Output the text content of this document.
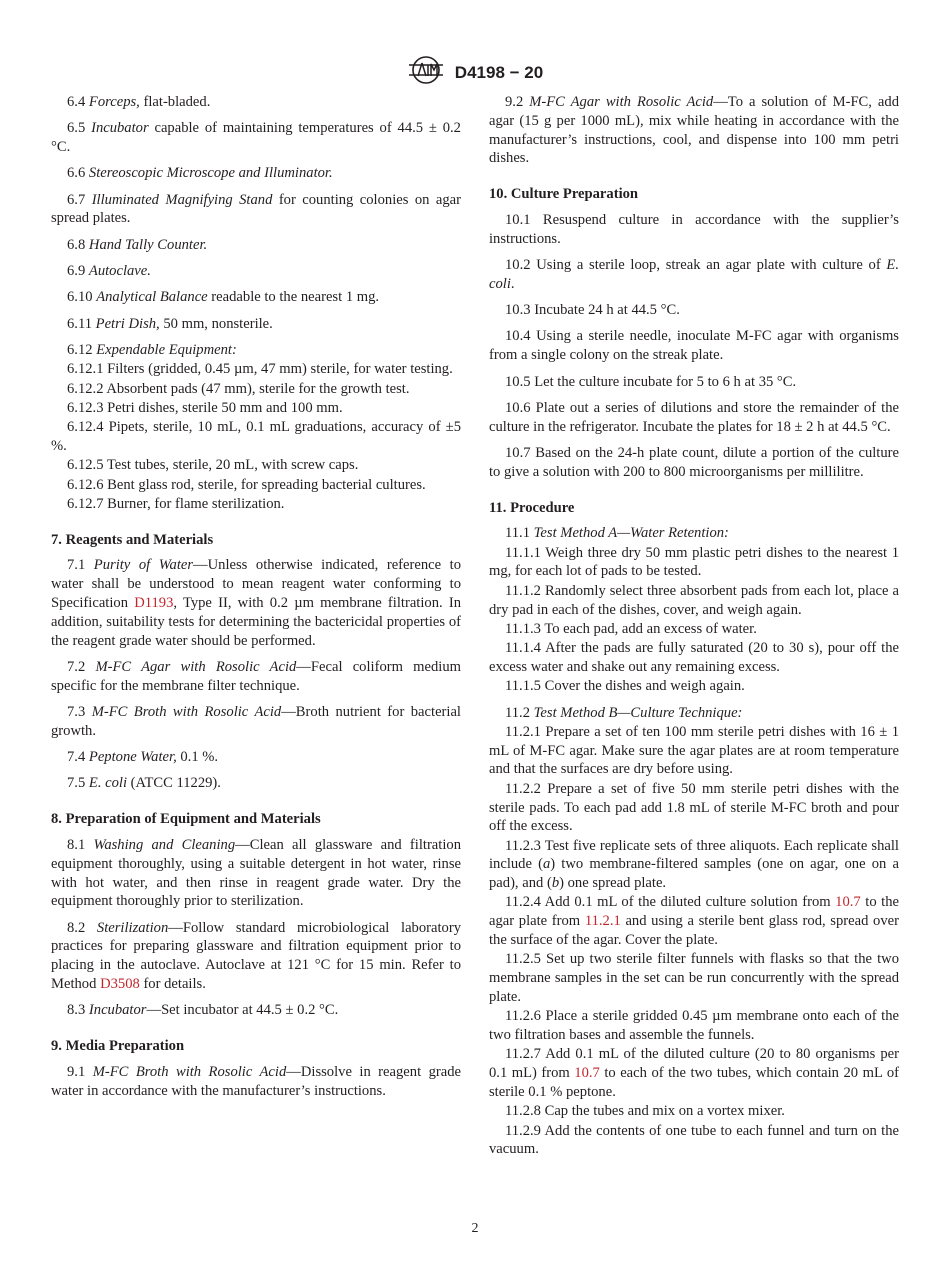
D4198 − 20

6.4 Forceps, flat-bladed.

6.5 Incubator capable of maintaining temperatures of 44.5 ± 0.2 °C.

6.6 Stereoscopic Microscope and Illuminator.

6.7 Illuminated Magnifying Stand for counting colonies on agar spread plates.

6.8 Hand Tally Counter.

6.9 Autoclave.

6.10 Analytical Balance readable to the nearest 1 mg.

6.11 Petri Dish, 50 mm, nonsterile.

6.12 Expendable Equipment:

6.12.1 Filters (gridded, 0.45 µm, 47 mm) sterile, for water testing.

6.12.2 Absorbent pads (47 mm), sterile for the growth test.

6.12.3 Petri dishes, sterile 50 mm and 100 mm.

6.12.4 Pipets, sterile, 10 mL, 0.1 mL graduations, accuracy of ±5 %.

6.12.5 Test tubes, sterile, 20 mL, with screw caps.

6.12.6 Bent glass rod, sterile, for spreading bacterial cultures.

6.12.7 Burner, for flame sterilization.

7. Reagents and Materials

7.1 Purity of Water—Unless otherwise indicated, reference to water shall be understood to mean reagent water conforming to Specification D1193, Type II, with 0.2 µm membrane filtration. In addition, suitability tests for determining the bactericidal properties of the reagent grade water should be performed.

7.2 M-FC Agar with Rosolic Acid—Fecal coliform medium specific for the membrane filter technique.

7.3 M-FC Broth with Rosolic Acid—Broth nutrient for bacterial growth.

7.4 Peptone Water, 0.1 %.

7.5 E. coli (ATCC 11229).

8. Preparation of Equipment and Materials

8.1 Washing and Cleaning—Clean all glassware and filtration equipment thoroughly, using a suitable detergent in hot water, rinse with hot water, and then rinse in reagent grade water. Dry the equipment thoroughly prior to sterilization.

8.2 Sterilization—Follow standard microbiological laboratory practices for preparing glassware and filtration equipment prior to placing in the autoclave. Autoclave at 121 °C for 15 min. Refer to Method D3508 for details.

8.3 Incubator—Set incubator at 44.5 ± 0.2 °C.

9. Media Preparation

9.1 M-FC Broth with Rosolic Acid—Dissolve in reagent grade water in accordance with the manufacturer’s instructions.

9.2 M-FC Agar with Rosolic Acid—To a solution of M-FC, add agar (15 g per 1000 mL), mix while heating in accordance with the manufacturer’s instructions, cool, and dispense into 100 mm petri dishes.

10. Culture Preparation

10.1 Resuspend culture in accordance with the supplier’s instructions.

10.2 Using a sterile loop, streak an agar plate with culture of E. coli.

10.3 Incubate 24 h at 44.5 °C.

10.4 Using a sterile needle, inoculate M-FC agar with organisms from a single colony on the streak plate.

10.5 Let the culture incubate for 5 to 6 h at 35 °C.

10.6 Plate out a series of dilutions and store the remainder of the culture in the refrigerator. Incubate the plates for 18 ± 2 h at 44.5 °C.

10.7 Based on the 24-h plate count, dilute a portion of the culture to give a solution with 200 to 800 microorganisms per millilitre.

11. Procedure

11.1 Test Method A—Water Retention:

11.1.1 Weigh three dry 50 mm plastic petri dishes to the nearest 1 mg, for each lot of pads to be tested.

11.1.2 Randomly select three absorbent pads from each lot, place a dry pad in each of the dishes, cover, and weigh again.

11.1.3 To each pad, add an excess of water.

11.1.4 After the pads are fully saturated (20 to 30 s), pour off the excess water and shake out any remaining excess.

11.1.5 Cover the dishes and weigh again.

11.2 Test Method B—Culture Technique:

11.2.1 Prepare a set of ten 100 mm sterile petri dishes with 16 ± 1 mL of M-FC agar. Make sure the agar plates are at room temperature and that the surfaces are dry before using.

11.2.2 Prepare a set of five 50 mm sterile petri dishes with the sterile pads. To each pad add 1.8 mL of sterile M-FC broth and pour off the excess.

11.2.3 Test five replicate sets of three aliquots. Each replicate shall include (a) two membrane-filtered samples (one on agar, one on a pad), and (b) one spread plate.

11.2.4 Add 0.1 mL of the diluted culture solution from 10.7 to the agar plate from 11.2.1 and using a sterile bent glass rod, spread over the surface of the agar. Cover the plate.

11.2.5 Set up two sterile filter funnels with flasks so that the two membrane samples in the set can be run concurrently with the spread plate.

11.2.6 Place a sterile gridded 0.45 µm membrane onto each of the two filtration bases and assemble the funnels.

11.2.7 Add 0.1 mL of the diluted culture (20 to 80 organisms per 0.1 mL) from 10.7 to each of the two tubes, which contain 20 mL of sterile 0.1 % peptone.

11.2.8 Cap the tubes and mix on a vortex mixer.

11.2.9 Add the contents of one tube to each funnel and turn on the vacuum.

2
